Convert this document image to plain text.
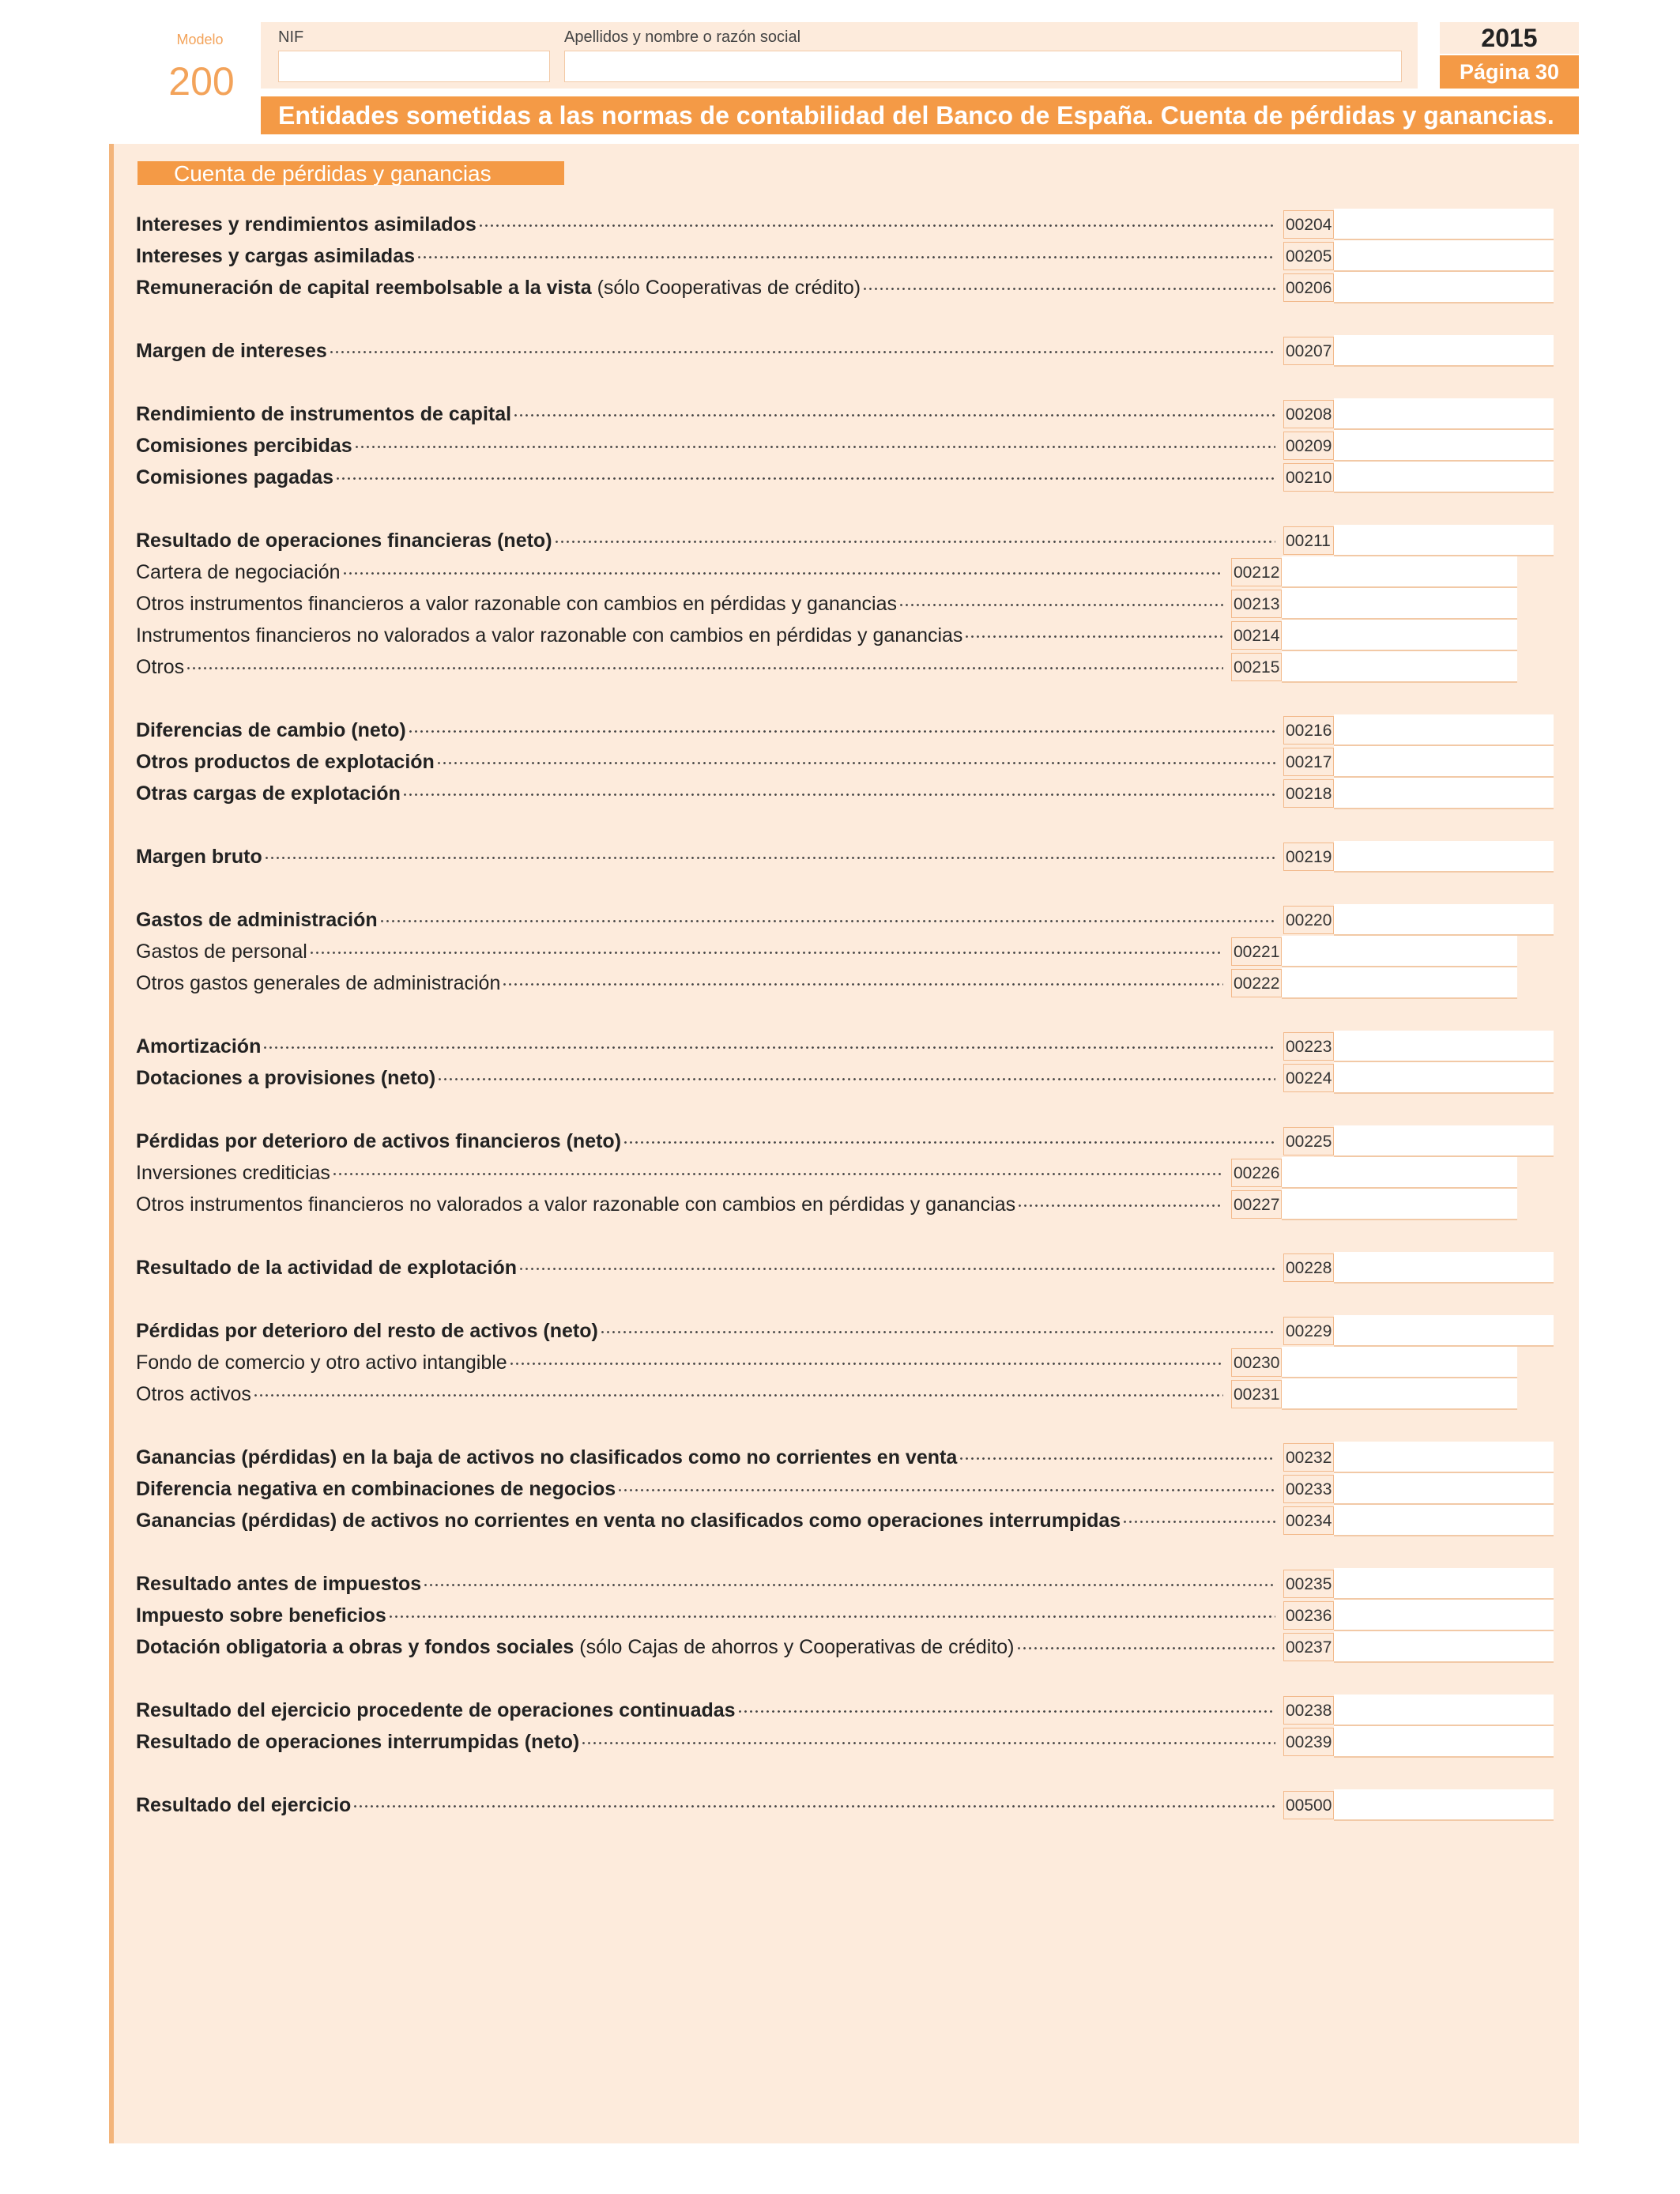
Modelo
200
NIF	Apellidos y nombre o razón social	2015
Página 30
Entidades sometidas a las normas de contabilidad del Banco de España. Cuenta de pérdidas y ganancias.
Cuenta de pérdidas y ganancias
Intereses y rendimientos asimilados	00204
Intereses y cargas asimiladas	00205
Remuneración de capital reembolsable a la vista (sólo Cooperativas de crédito)	00206
Margen de intereses	00207
Rendimiento de instrumentos de capital	00208
Comisiones percibidas	00209
Comisiones pagadas	00210
Resultado de operaciones financieras (neto)	00211
Cartera de negociación	00212
Otros instrumentos financieros a valor razonable con cambios en pérdidas y ganancias	00213
Instrumentos financieros no valorados a valor razonable con cambios en pérdidas y ganancias	00214
Otros	00215
Diferencias de cambio (neto)	00216
Otros productos de explotación	00217
Otras cargas de explotación	00218
Margen bruto	00219
Gastos de administración	00220
Gastos de personal	00221
Otros gastos generales de administración	00222
Amortización	00223
Dotaciones a provisiones (neto)	00224
Pérdidas por deterioro de activos financieros (neto)	00225
Inversiones crediticias	00226
Otros instrumentos financieros no valorados a valor razonable con cambios en pérdidas y ganancias	00227
Resultado de la actividad de explotación	00228
Pérdidas por deterioro del resto de activos (neto)	00229
Fondo de comercio y otro activo intangible	00230
Otros activos	00231
Ganancias (pérdidas) en la baja de activos no clasificados como no corrientes en venta	00232
Diferencia negativa en combinaciones de negocios	00233
Ganancias (pérdidas) de activos no corrientes en venta no clasificados como operaciones interrumpidas	00234
Resultado antes de impuestos	00235
Impuesto sobre beneficios	00236
Dotación obligatoria a obras y fondos sociales (sólo Cajas de ahorros y Cooperativas de crédito)	00237
Resultado del ejercicio procedente de operaciones continuadas	00238
Resultado de operaciones interrumpidas (neto)	00239
Resultado del ejercicio	00500
